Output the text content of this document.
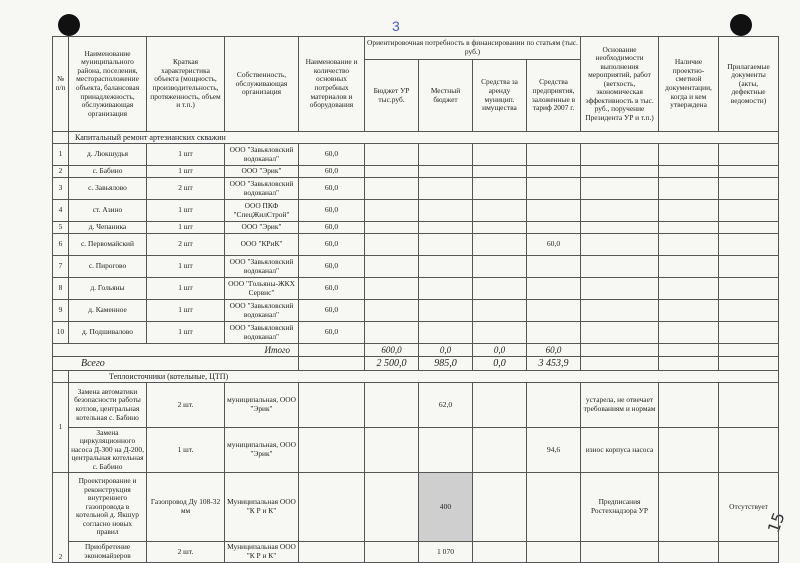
3
15
№ п/п	Наименование муниципального района, поселения, месторасположение объекта, балансовая принадлежность, обслуживающая организация	Краткая характеристика объекта (мощность, производительность, протяженность, объем и т.п.)	Собственность, обслуживающая организация	Наименование и количество основных потребных материалов и оборудования	Ориентировочная потребность в финансировании по статьям (тыс. руб.)				Основание необходимости выполнения мероприятий, работ (ветхость, экономическая эффективность в тыс. руб., поручение Президента УР и т.п.)	Наличие проектно-сметной документации, когда и кем утверждена	Прилагаемые документы (акты, дефектные ведомости)
					Бюджет УР тыс.руб.	Местный бюджет	Средства за аренду муницип. имущества	Средства предприятия, заложенные в тариф 2007 г.			
	Капитальный ремонт артезианских скважин										
1	д. Люкшудья	1 шт	ООО "Завьяловский водоканал"	60,0							
2	с. Бабино	1 шт	ООО "Эрик"	60,0							
3	с. Завьялово	2 шт	ООО "Завьяловский водоканал"	60,0							
4	ст. Азино	1 шт	ООО ПКФ "СпецЖилСтрой"	60,0							
5	д. Чепаника	1 шт	ООО "Эрик"	60,0							
6	с. Первомайский	2 шт	ООО "КРиК"	60,0				60,0			
7	с. Пирогово	1 шт	ООО "Завьяловский водоканал"	60,0							
8	д. Гольяны	1 шт	ООО "Гольяны-ЖКХ Сервис"	60,0							
9	д. Каменное	1 шт	ООО "Завьяловский водоканал"	60,0							
10	д. Подшивалово	1 шт	ООО "Завьяловский водоканал"	60,0							
Итого					600,0	0,0	0,0	60,0			
Всего					2 500,0	985,0	0,0	3 453,9			
	Теплоисточники (котельные, ЦТП)										
1	Замена автоматики безопасности работы котлов, центральная котельная с. Бабино	2 шт.	муниципальная, ООО "Эрик"			62,0			устарела, не отвечает требованиям и нормам		
	Замена циркуляционного насоса Д-300 на Д-200, центральная котельная с. Бабино	1 шт.	муниципальная, ООО "Эрик"					94,6	износ корпуса насоса		
2	Проектирование и реконструкция внутреннего газопровода в котельной д. Якшур согласно новых правил	Газопровод Ду 108-32 мм	Муниципальная ООО "К Р и К"			400			Предписания Ростехнадзора УР		Отсутствует
	Приобретение экономайзеров	2 шт.	Муниципальная ООО "К Р и К"			1 070					
